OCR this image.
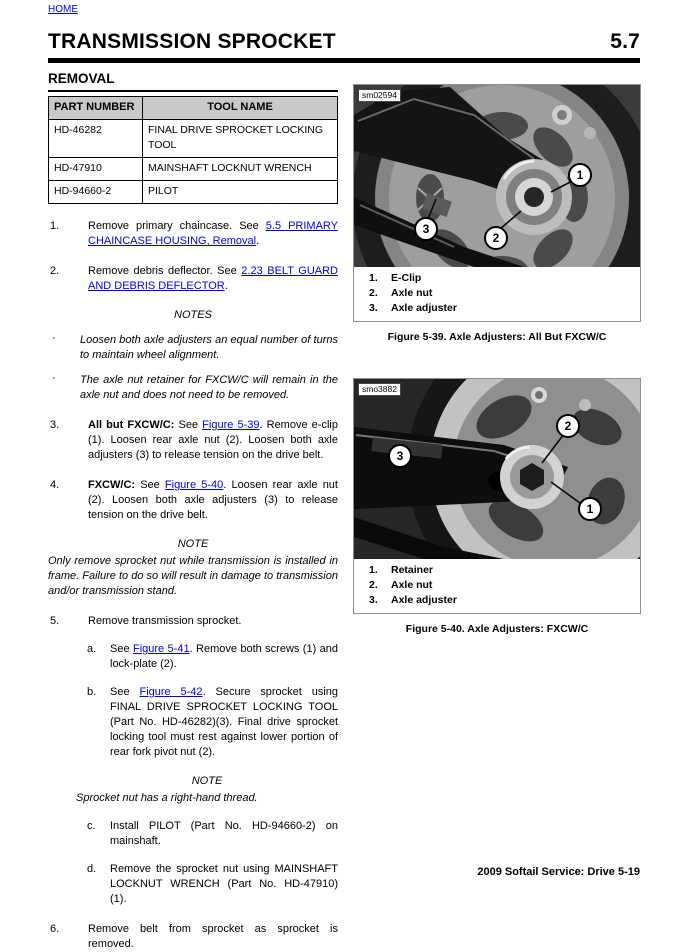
HOME
TRANSMISSION SPROCKET	5.7
REMOVAL
PART NUMBER	TOOL NAME
HD-46282	FINAL DRIVE SPROCKET LOCKING TOOL
HD-47910	MAINSHAFT LOCKNUT WRENCH
HD-94660-2	PILOT
1.	Remove primary chaincase. See 5.5 PRIMARY CHAINCASE HOUSING, Removal.
2.	Remove debris deflector. See 2.23 BELT GUARD AND DEBRIS DEFLECTOR.
NOTES
· Loosen both axle adjusters an equal number of turns to maintain wheel alignment.
· The axle nut retainer for FXCW/C will remain in the axle nut and does not need to be removed.
3.	All but FXCW/C: See Figure 5-39. Remove e-clip (1). Loosen rear axle nut (2). Loosen both axle adjusters (3) to release tension on the drive belt.
4.	FXCW/C: See Figure 5-40. Loosen rear axle nut (2). Loosen both axle adjusters (3) to release tension on the drive belt.
NOTE
Only remove sprocket nut while transmission is installed in frame. Failure to do so will result in damage to transmission and/or transmission stand.
5.	Remove transmission sprocket.
a. See Figure 5-41. Remove both screws (1) and lock-plate (2).
b. See Figure 5-42. Secure sprocket using FINAL DRIVE SPROCKET LOCKING TOOL (Part No. HD-46282)(3). Final drive sprocket locking tool must rest against lower portion of rear fork pivot nut (2).
NOTE
Sprocket nut has a right-hand thread.
c. Install PILOT (Part No. HD-94660-2) on mainshaft.
d. Remove the sprocket nut using MAINSHAFT LOCKNUT WRENCH (Part No. HD-47910) (1).
6.	Remove belt from sprocket as sprocket is removed.
sm02594
1
2
3
1. E-Clip
2. Axle nut
3. Axle adjuster
Figure 5-39. Axle Adjusters: All But FXCW/C
smo3882
2
3
1
1. Retainer
2. Axle nut
3. Axle adjuster
Figure 5-40. Axle Adjusters: FXCW/C
2009 Softail Service: Drive 5-19
